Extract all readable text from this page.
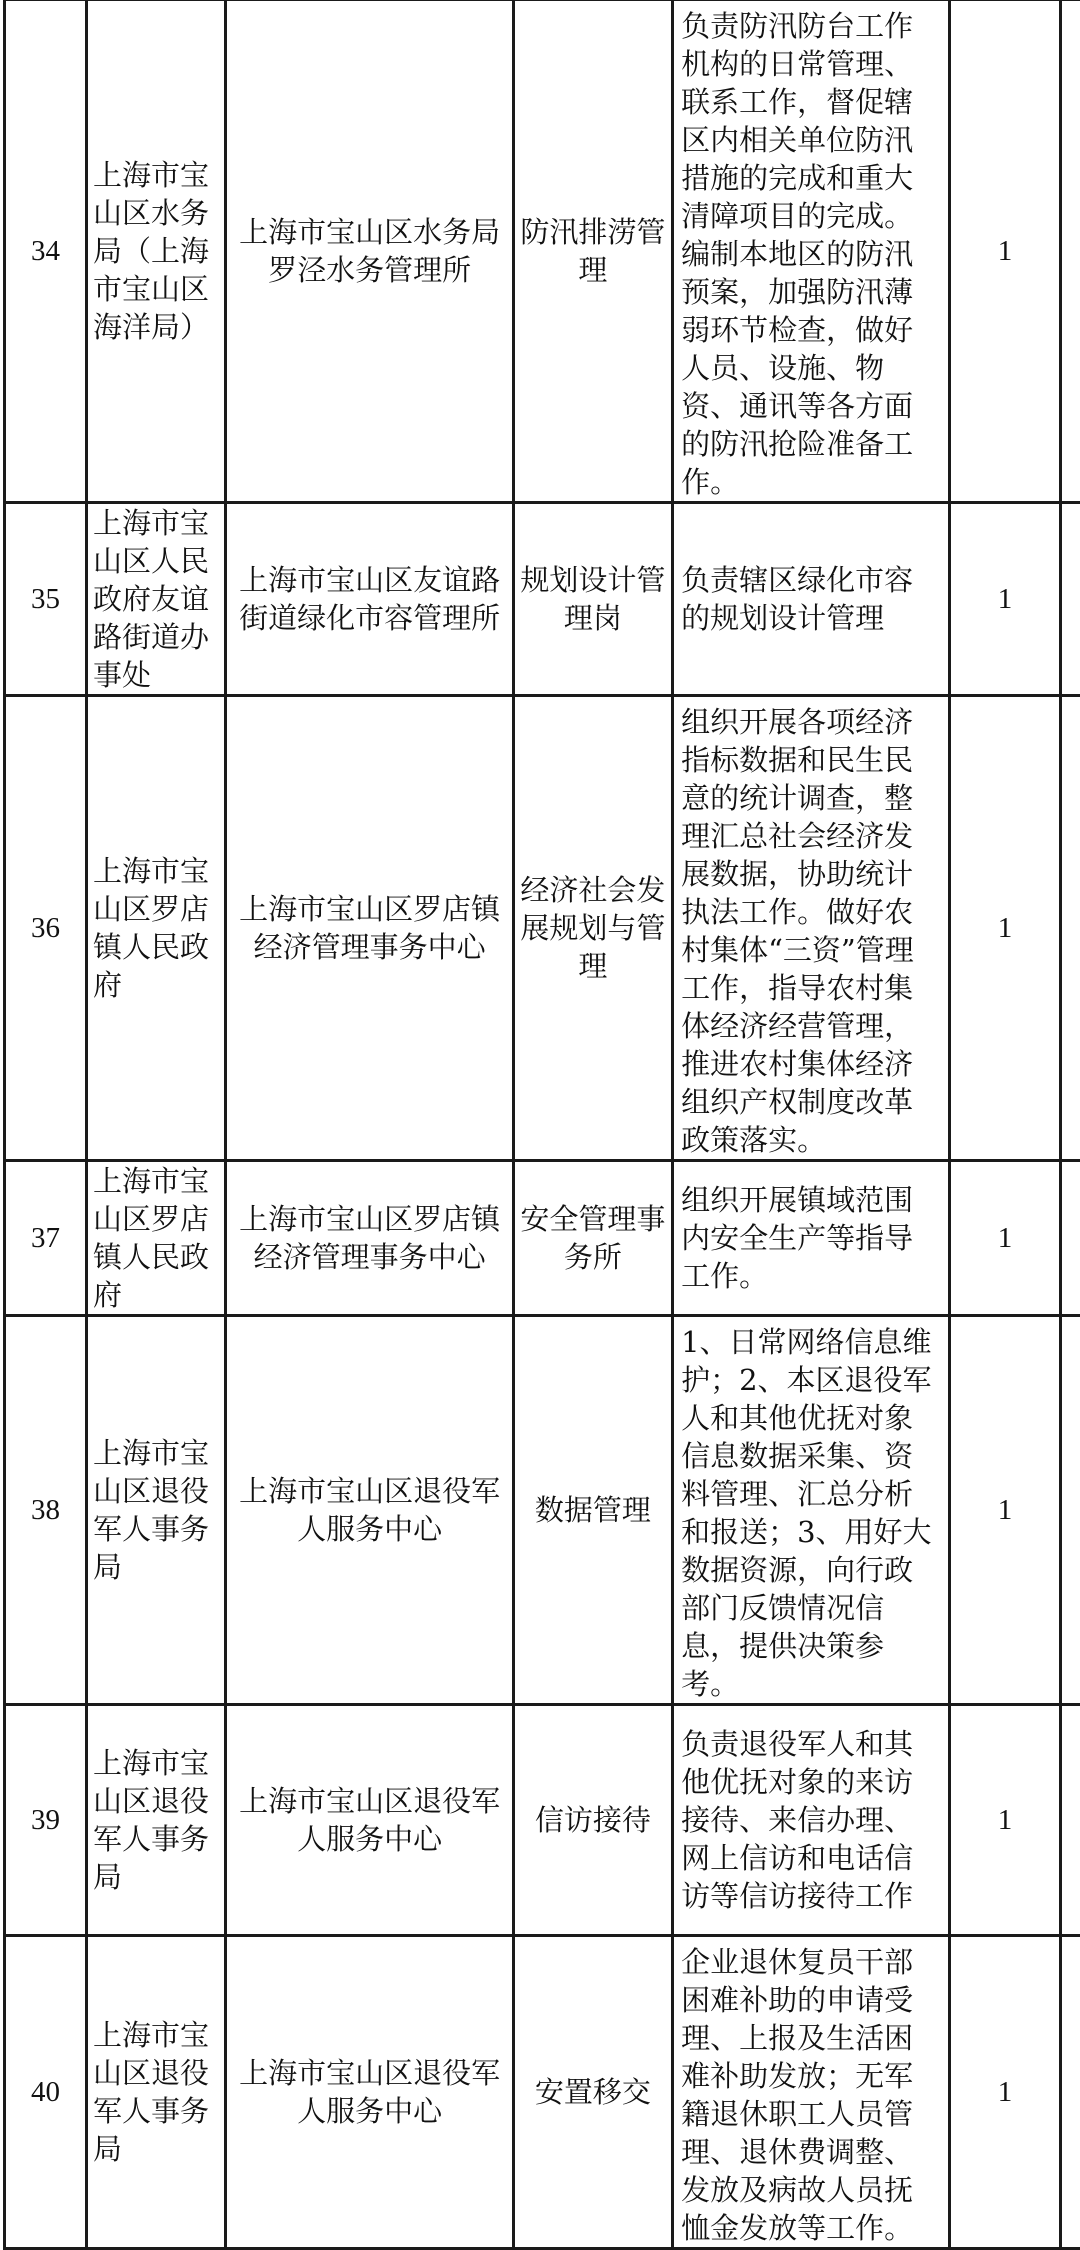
34	上海市宝山区水务局（上海市宝山区海洋局）	上海市宝山区水务局罗泾水务管理所	防汛排涝管理	负责防汛防台工作机构的日常管理、联系工作，督促辖区内相关单位防汛措施的完成和重大清障项目的完成。编制本地区的防汛预案，加强防汛薄弱环节检查，做好人员、设施、物资、通讯等各方面的防汛抢险准备工作。	1	
35	上海市宝山区人民政府友谊路街道办事处	上海市宝山区友谊路街道绿化市容管理所	规划设计管理岗	负责辖区绿化市容的规划设计管理	1	
36	上海市宝山区罗店镇人民政府	上海市宝山区罗店镇经济管理事务中心	经济社会发展规划与管理	组织开展各项经济指标数据和民生民意的统计调查，整理汇总社会经济发展数据，协助统计执法工作。做好农村集体“三资”管理工作，指导农村集体经济经营管理，推进农村集体经济组织产权制度改革政策落实。	1	
37	上海市宝山区罗店镇人民政府	上海市宝山区罗店镇经济管理事务中心	安全管理事务所	组织开展镇域范围内安全生产等指导工作。	1	
38	上海市宝山区退役军人事务局	上海市宝山区退役军人服务中心	数据管理	1、日常网络信息维护；2、本区退役军人和其他优抚对象信息数据采集、资料管理、汇总分析和报送；3、用好大数据资源，向行政部门反馈情况信息，提供决策参考。	1	
39	上海市宝山区退役军人事务局	上海市宝山区退役军人服务中心	信访接待	负责退役军人和其他优抚对象的来访接待、来信办理、网上信访和电话信访等信访接待工作	1	
40	上海市宝山区退役军人事务局	上海市宝山区退役军人服务中心	安置移交	企业退休复员干部困难补助的申请受理、上报及生活困难补助发放；无军籍退休职工人员管理、退休费调整、发放及病故人员抚恤金发放等工作。	1	
